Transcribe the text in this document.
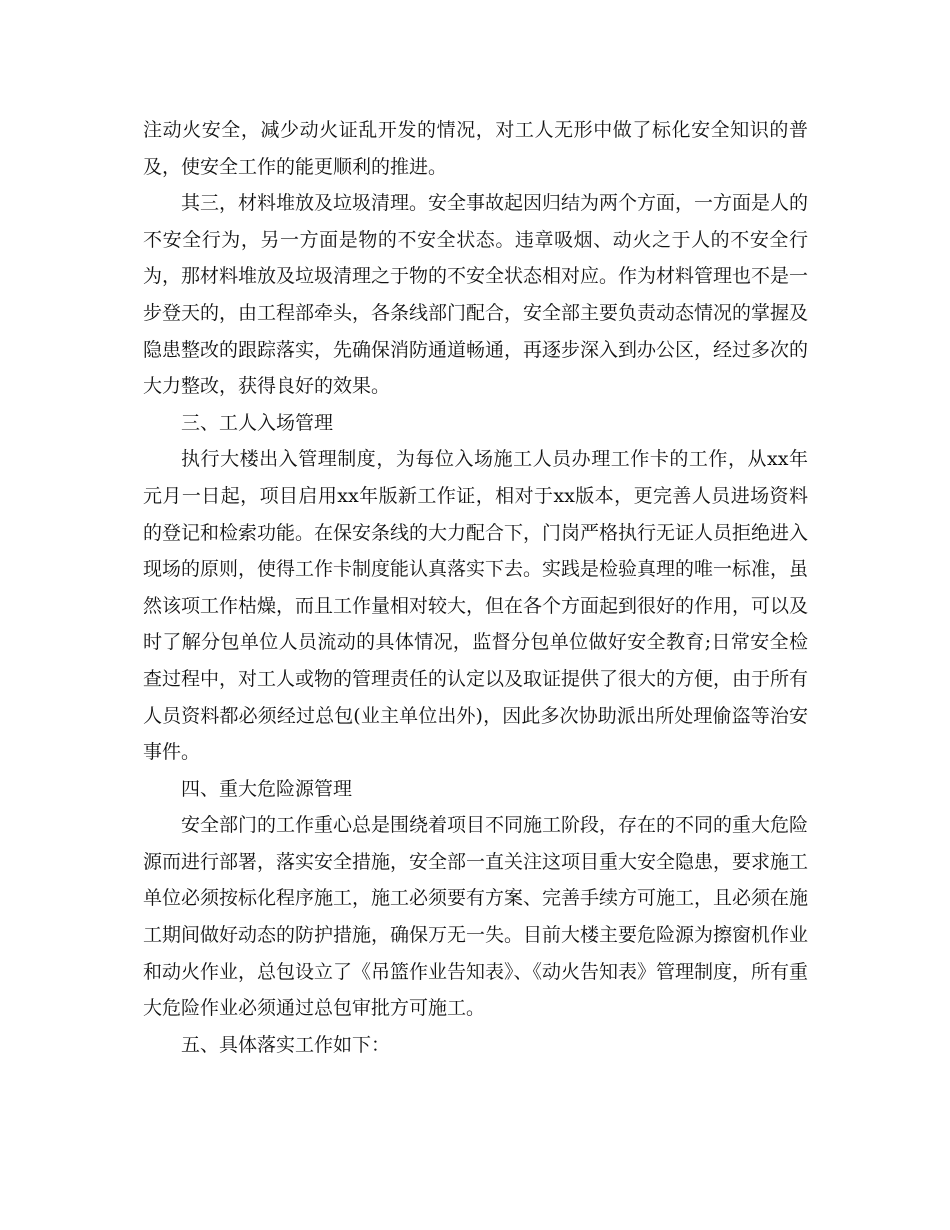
注动火安全，减少动火证乱开发的情况，对工人无形中做了标化安全知识的普及，使安全工作的能更顺利的推进。

其三，材料堆放及垃圾清理。安全事故起因归结为两个方面，一方面是人的不安全行为，另一方面是物的不安全状态。违章吸烟、动火之于人的不安全行为，那材料堆放及垃圾清理之于物的不安全状态相对应。作为材料管理也不是一步登天的，由工程部牵头，各条线部门配合，安全部主要负责动态情况的掌握及隐患整改的跟踪落实，先确保消防通道畅通，再逐步深入到办公区，经过多次的大力整改，获得良好的效果。

三、工人入场管理

执行大楼出入管理制度，为每位入场施工人员办理工作卡的工作，从xx年元月一日起，项目启用xx年版新工作证，相对于xx版本，更完善人员进场资料的登记和检索功能。在保安条线的大力配合下，门岗严格执行无证人员拒绝进入现场的原则，使得工作卡制度能认真落实下去。实践是检验真理的唯一标准，虽然该项工作枯燥，而且工作量相对较大，但在各个方面起到很好的作用，可以及时了解分包单位人员流动的具体情况，监督分包单位做好安全教育;日常安全检查过程中，对工人或物的管理责任的认定以及取证提供了很大的方便，由于所有人员资料都必须经过总包(业主单位出外)，因此多次协助派出所处理偷盗等治安事件。

四、重大危险源管理

安全部门的工作重心总是围绕着项目不同施工阶段，存在的不同的重大危险源而进行部署，落实安全措施，安全部一直关注这项目重大安全隐患，要求施工单位必须按标化程序施工，施工必须要有方案、完善手续方可施工，且必须在施工期间做好动态的防护措施，确保万无一失。目前大楼主要危险源为擦窗机作业和动火作业，总包设立了《吊篮作业告知表》、《动火告知表》管理制度，所有重大危险作业必须通过总包审批方可施工。

五、具体落实工作如下：
